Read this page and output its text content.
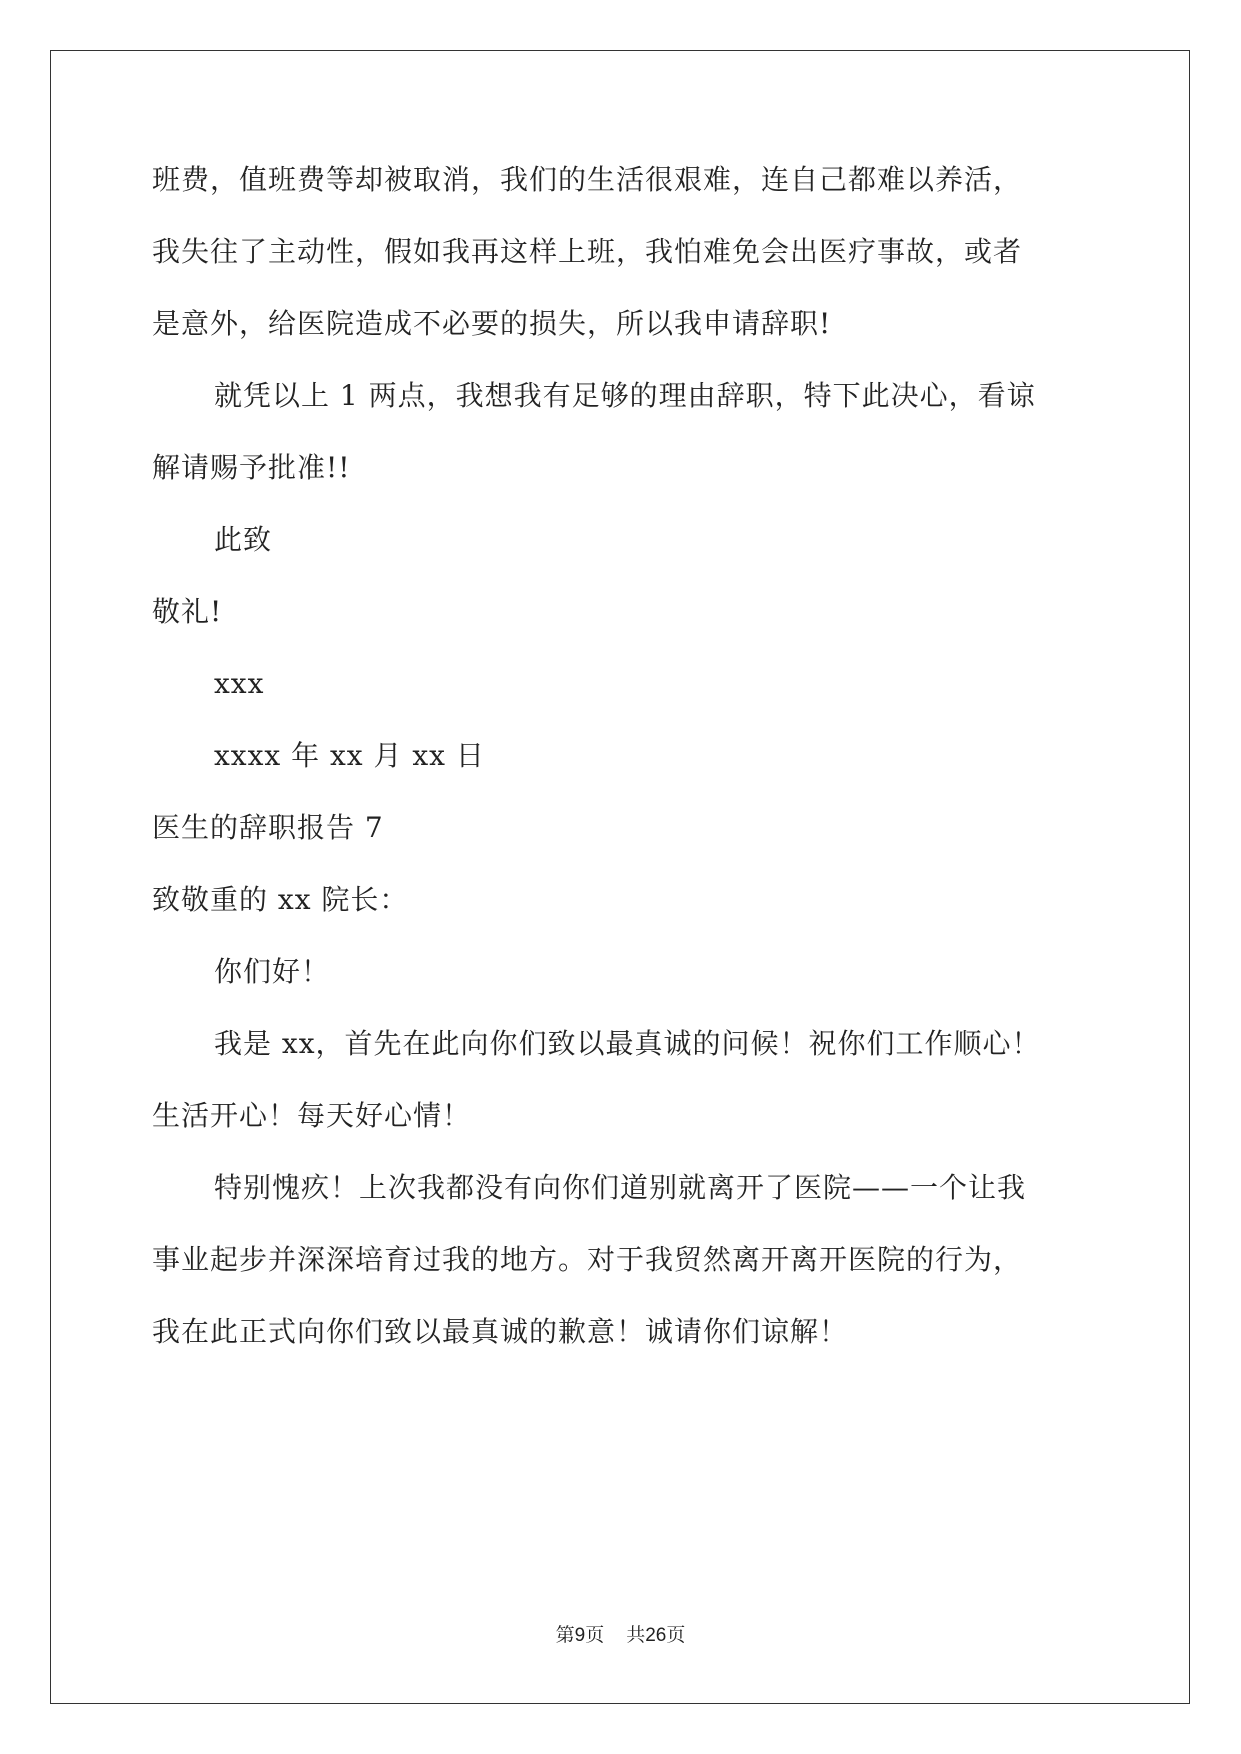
班费，值班费等却被取消，我们的生活很艰难，连自己都难以养活，
我失往了主动性，假如我再这样上班，我怕难免会出医疗事故，或者
是意外，给医院造成不必要的损失，所以我申请辞职!
就凭以上 1 两点，我想我有足够的理由辞职，特下此决心，看谅
解请赐予批准!!
此致
敬礼!
xxx
xxxx 年 xx 月 xx 日
医生的辞职报告 7
致敬重的 xx 院长：
你们好！
我是 xx，首先在此向你们致以最真诚的问候！祝你们工作顺心！
生活开心！每天好心情！
特别愧疚！上次我都没有向你们道别就离开了医院——一个让我
事业起步并深深培育过我的地方。对于我贸然离开离开医院的行为，
我在此正式向你们致以最真诚的歉意！诚请你们谅解！
第9页 共26页
